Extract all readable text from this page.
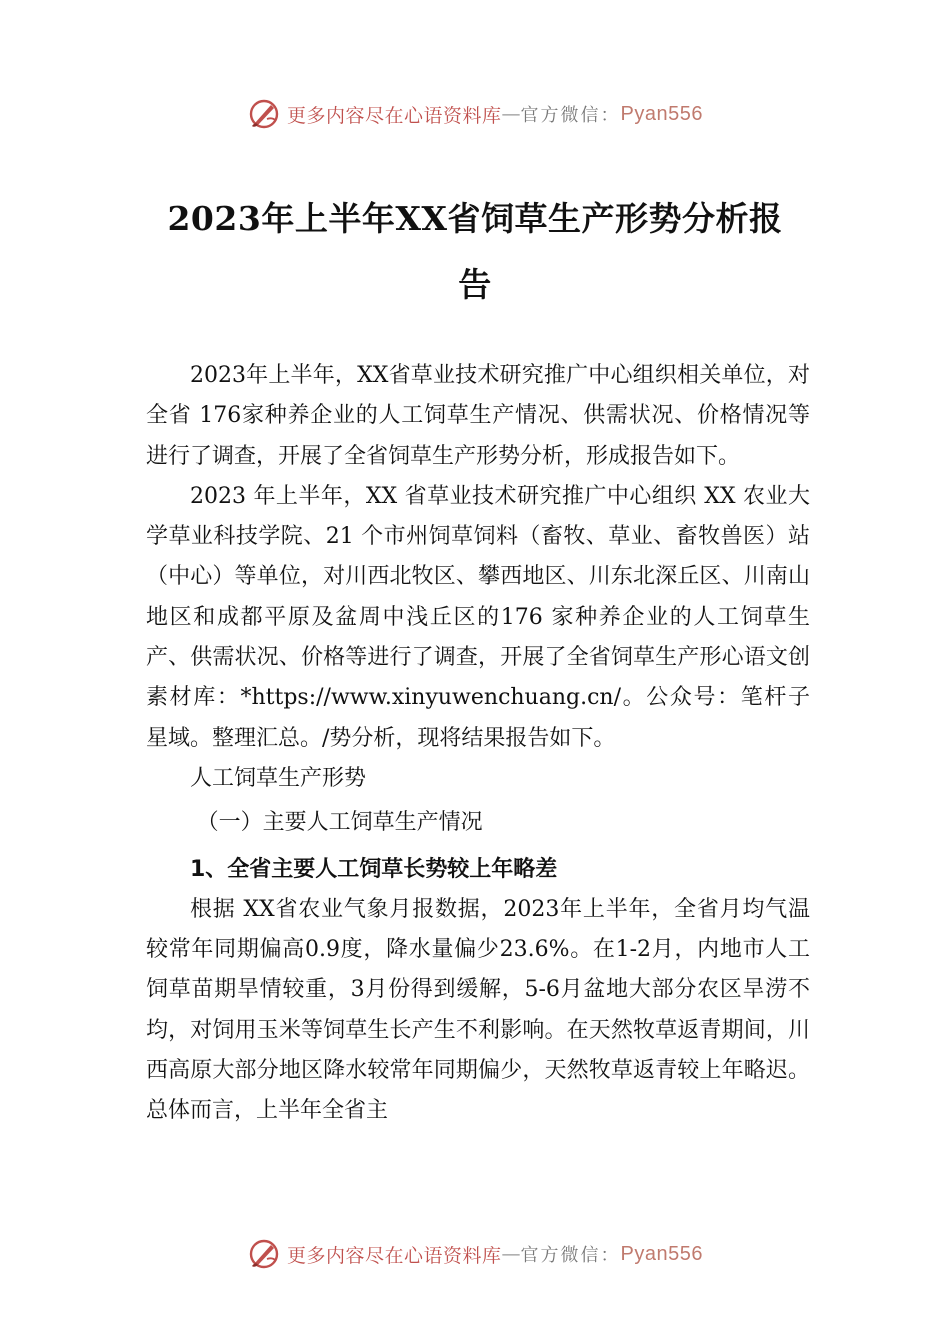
更多内容尽在心语资料库 — 官方微信： Pyan556
2023年上半年XX省饲草生产形势分析报
告

2023年上半年，XX省草业技术研究推广中心组织相关单位，对全省 176家种养企业的人工饲草生产情况、供需状况、价格情况等进行了调查，开展了全省饲草生产形势分析，形成报告如下。

2023 年上半年，XX 省草业技术研究推广中心组织 XX 农业大学草业科技学院、21 个市州饲草饲料（畜牧、草业、畜牧兽医）站（中心）等单位，对川西北牧区、攀西地区、川东北深丘区、川南山地区和成都平原及盆周中浅丘区的176 家种养企业的人工饲草生产、供需状况、价格等进行了调查，开展了全省饲草生产形心语文创素材库：*https://www.xinyuwenchuang.cn/。公众号：笔杆子星域。整理汇总。/势分析，现将结果报告如下。

人工饲草生产形势

（一）主要人工饲草生产情况

1、全省主要人工饲草长势较上年略差

根据 XX省农业气象月报数据，2023年上半年，全省月均气温较常年同期偏高0.9度，降水量偏少23.6%。在1-2月，内地市人工饲草苗期旱情较重，3月份得到缓解，5-6月盆地大部分农区旱涝不均，对饲用玉米等饲草生长产生不利影响。在天然牧草返青期间，川西高原大部分地区降水较常年同期偏少，天然牧草返青较上年略迟。总体而言，上半年全省主

更多内容尽在心语资料库 — 官方微信： Pyan556
